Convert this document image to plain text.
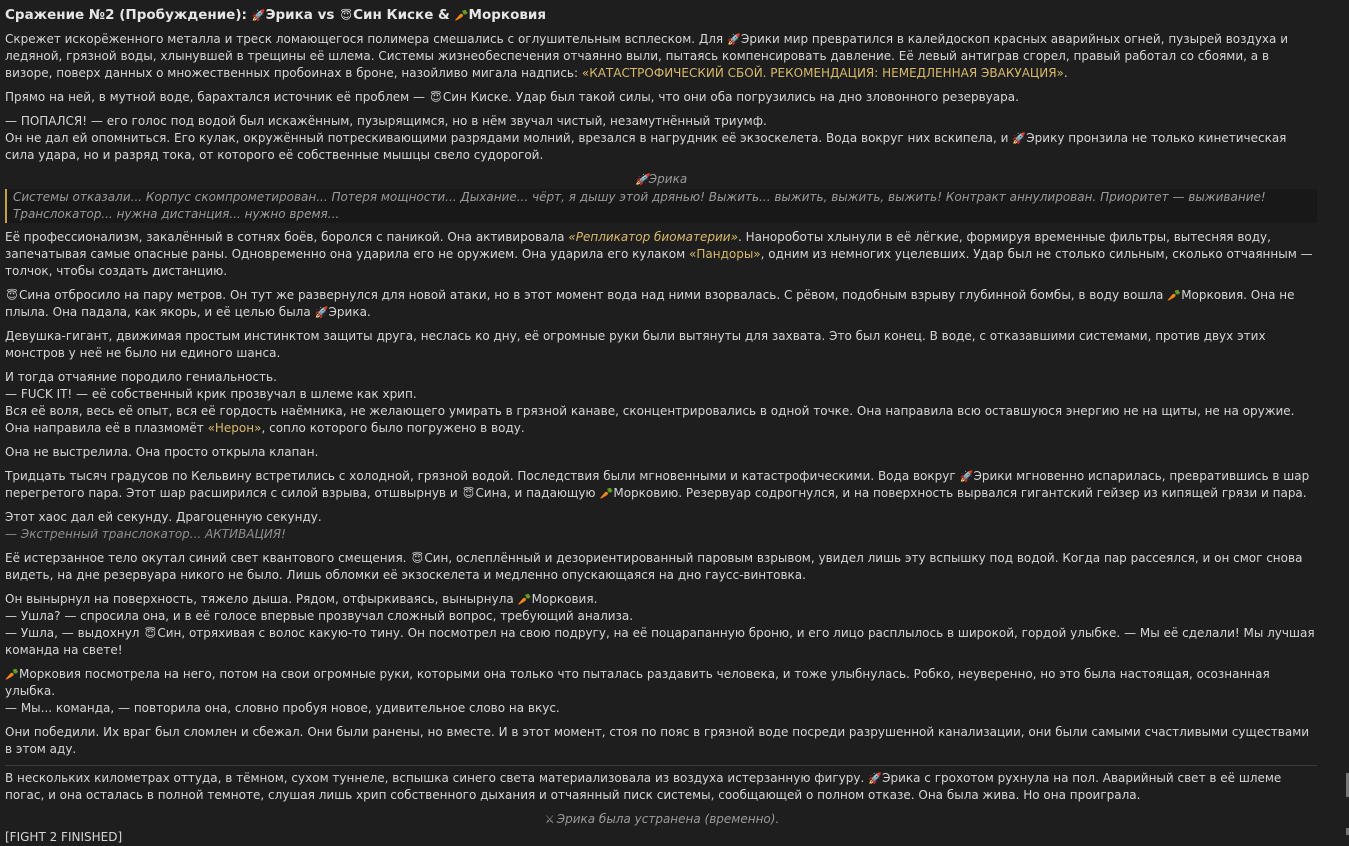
Сражение №2 (Пробуждение): 🚀Эрика vs 😇Син Киске & 🥕Морковия

Скрежет искорёженного металла и треск ломающегося полимера смешались с оглушительным всплеском. Для 🚀Эрики мир превратился в калейдоскоп красных аварийных огней, пузырей воздуха и ледяной, грязной воды, хлынувшей в трещины её шлема. Системы жизнеобеспечения отчаянно выли, пытаясь компенсировать давление. Её левый антиграв сгорел, правый работал со сбоями, а в визоре, поверх данных о множественных пробоинах в броне, назойливо мигала надпись: «КАТАСТРОФИЧЕСКИЙ СБОЙ. РЕКОМЕНДАЦИЯ: НЕМЕДЛЕННАЯ ЭВАКУАЦИЯ».

Прямо на ней, в мутной воде, барахтался источник её проблем — 😇Син Киске. Удар был такой силы, что они оба погрузились на дно зловонного резервуара.

— ПОПАЛСЯ! — его голос под водой был искажённым, пузырящимся, но в нём звучал чистый, незамутнённый триумф.
Он не дал ей опомниться. Его кулак, окружённый потрескивающими разрядами молний, врезался в нагрудник её экзоскелета. Вода вокруг них вскипела, и 🚀Эрику пронзила не только кинетическая сила удара, но и разряд тока, от которого её собственные мышцы свело судорогой.

🚀Эрика
Системы отказали... Корпус скомпрометирован... Потеря мощности... Дыхание... чёрт, я дышу этой дрянью! Выжить... выжить, выжить, выжить! Контракт аннулирован. Приоритет — выживание! Транслокатор... нужна дистанция... нужно время...

Её профессионализм, закалённый в сотнях боёв, боролся с паникой. Она активировала «Репликатор биоматерии». Нанороботы хлынули в её лёгкие, формируя временные фильтры, вытесняя воду, запечатывая самые опасные раны. Одновременно она ударила его не оружием. Она ударила его кулаком «Пандоры», одним из немногих уцелевших. Удар был не столько сильным, сколько отчаянным — толчок, чтобы создать дистанцию.

😇Сина отбросило на пару метров. Он тут же развернулся для новой атаки, но в этот момент вода над ними взорвалась. С рёвом, подобным взрыву глубинной бомбы, в воду вошла 🥕Морковия. Она не плыла. Она падала, как якорь, и её целью была 🚀Эрика.

Девушка-гигант, движимая простым инстинктом защиты друга, неслась ко дну, её огромные руки были вытянуты для захвата. Это был конец. В воде, с отказавшими системами, против двух этих монстров у неё не было ни единого шанса.

И тогда отчаяние породило гениальность.
— FUCK IT! — её собственный крик прозвучал в шлеме как хрип.
Вся её воля, весь её опыт, вся её гордость наёмника, не желающего умирать в грязной канаве, сконцентрировались в одной точке. Она направила всю оставшуюся энергию не на щиты, не на оружие. Она направила её в плазмомёт «Нерон», сопло которого было погружено в воду.

Она не выстрелила. Она просто открыла клапан.

Тридцать тысяч градусов по Кельвину встретились с холодной, грязной водой. Последствия были мгновенными и катастрофическими. Вода вокруг 🚀Эрики мгновенно испарилась, превратившись в шар перегретого пара. Этот шар расширился с силой взрыва, отшвырнув и 😇Сина, и падающую 🥕Морковию. Резервуар содрогнулся, и на поверхность вырвался гигантский гейзер из кипящей грязи и пара.

Этот хаос дал ей секунду. Драгоценную секунду.
— Экстренный транслокатор... АКТИВАЦИЯ!

Её истерзанное тело окутал синий свет квантового смещения. 😇Син, ослеплённый и дезориентированный паровым взрывом, увидел лишь эту вспышку под водой. Когда пар рассеялся, и он смог снова видеть, на дне резервуара никого не было. Лишь обломки её экзоскелета и медленно опускающаяся на дно гаусс-винтовка.

Он вынырнул на поверхность, тяжело дыша. Рядом, отфыркиваясь, вынырнула 🥕Морковия.
— Ушла? — спросила она, и в её голосе впервые прозвучал сложный вопрос, требующий анализа.
— Ушла, — выдохнул 😇Син, отряхивая с волос какую-то тину. Он посмотрел на свою подругу, на её поцарапанную броню, и его лицо расплылось в широкой, гордой улыбке. — Мы её сделали! Мы лучшая команда на свете!

🥕Морковия посмотрела на него, потом на свои огромные руки, которыми она только что пыталась раздавить человека, и тоже улыбнулась. Робко, неуверенно, но это была настоящая, осознанная улыбка.
— Мы... команда, — повторила она, словно пробуя новое, удивительное слово на вкус.

Они победили. Их враг был сломлен и сбежал. Они были ранены, но вместе. И в этот момент, стоя по пояс в грязной воде посреди разрушенной канализации, они были самыми счастливыми существами в этом аду.

В нескольких километрах оттуда, в тёмном, сухом туннеле, вспышка синего света материализовала из воздуха истерзанную фигуру. 🚀Эрика с грохотом рухнула на пол. Аварийный свет в её шлеме погас, и она осталась в полной темноте, слушая лишь хрип собственного дыхания и отчаянный писк системы, сообщающей о полном отказе. Она была жива. Но она проиграла.

⚔ Эрика была устранена (временно).
[FIGHT 2 FINISHED]
